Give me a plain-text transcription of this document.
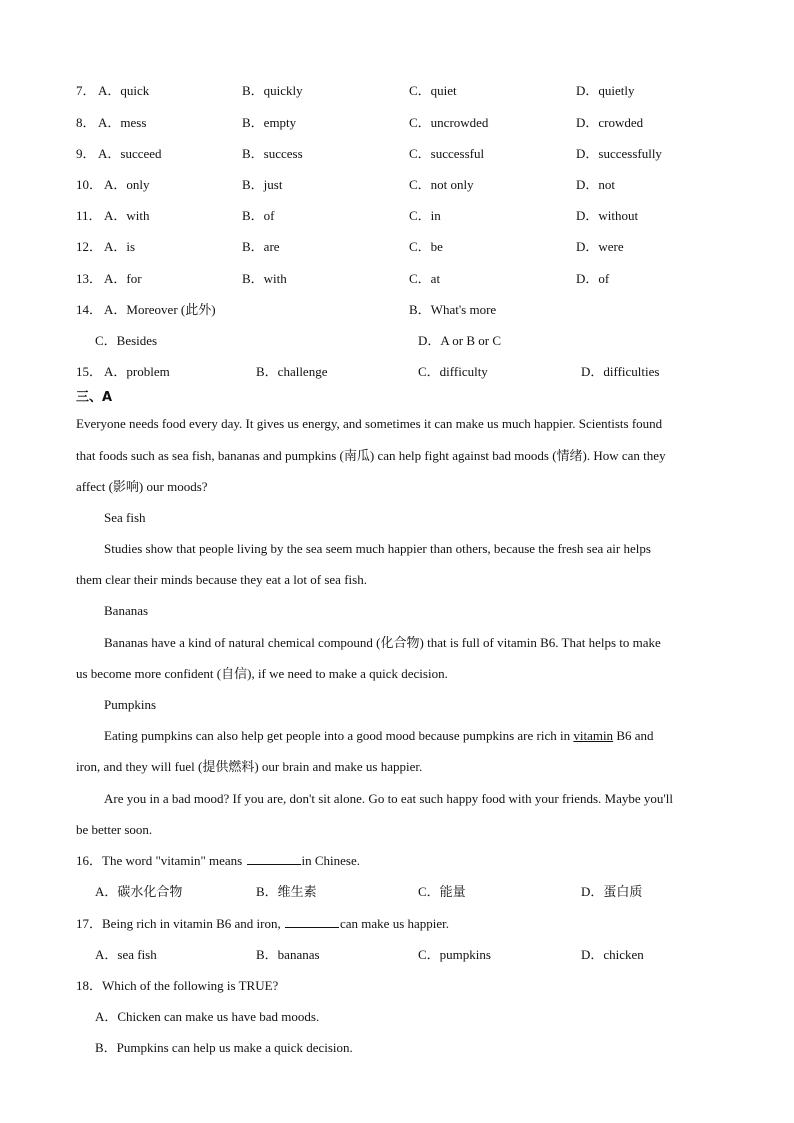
7． A．quick	B．quickly	C．quiet	D．quietly
8． A．mess	B．empty	C．uncrowded	D．crowded
9． A．succeed	B．success	C．successful	D．successfully
10． A．only	B．just	C．not only	D．not
11． A．with	B．of	C．in	D．without
12． A．is	B．are	C．be	D．were
13． A．for	B．with	C．at	D．of
14． A．Moreover (此外)	B．What's more
C．Besides	D．A or B or C
15． A．problem	B．challenge	C．difficulty	D．difficulties
三、A
Everyone needs food every day. It gives us energy, and sometimes it can make us much happier. Scientists found
that foods such as sea fish, bananas and pumpkins (南瓜) can help fight against bad moods (情绪). How can they
affect (影响) our moods?
Sea fish
Studies show that people living by the sea seem much happier than others, because the fresh sea air helps
them clear their minds because they eat a lot of sea fish.
Bananas
Bananas have a kind of natural chemical compound (化合物) that is full of vitamin B6. That helps to make
us become more confident (自信), if we need to make a quick decision.
Pumpkins
Eating pumpkins can also help get people into a good mood because pumpkins are rich in vitamin B6 and
iron, and they will fuel (提供燃料) our brain and make us happier.
Are you in a bad mood? If you are, don't sit alone. Go to eat such happy food with your friends. Maybe you'll
be better soon.
16．The word "vitamin" means	in Chinese.
A．碳水化合物	B．维生素	C．能量	D．蛋白质
17．Being rich in vitamin B6 and iron,	can make us happier.
A．sea fish	B．bananas	C．pumpkins	D．chicken
18．Which of the following is TRUE?
A．Chicken can make us have bad moods.
B．Pumpkins can help us make a quick decision.
